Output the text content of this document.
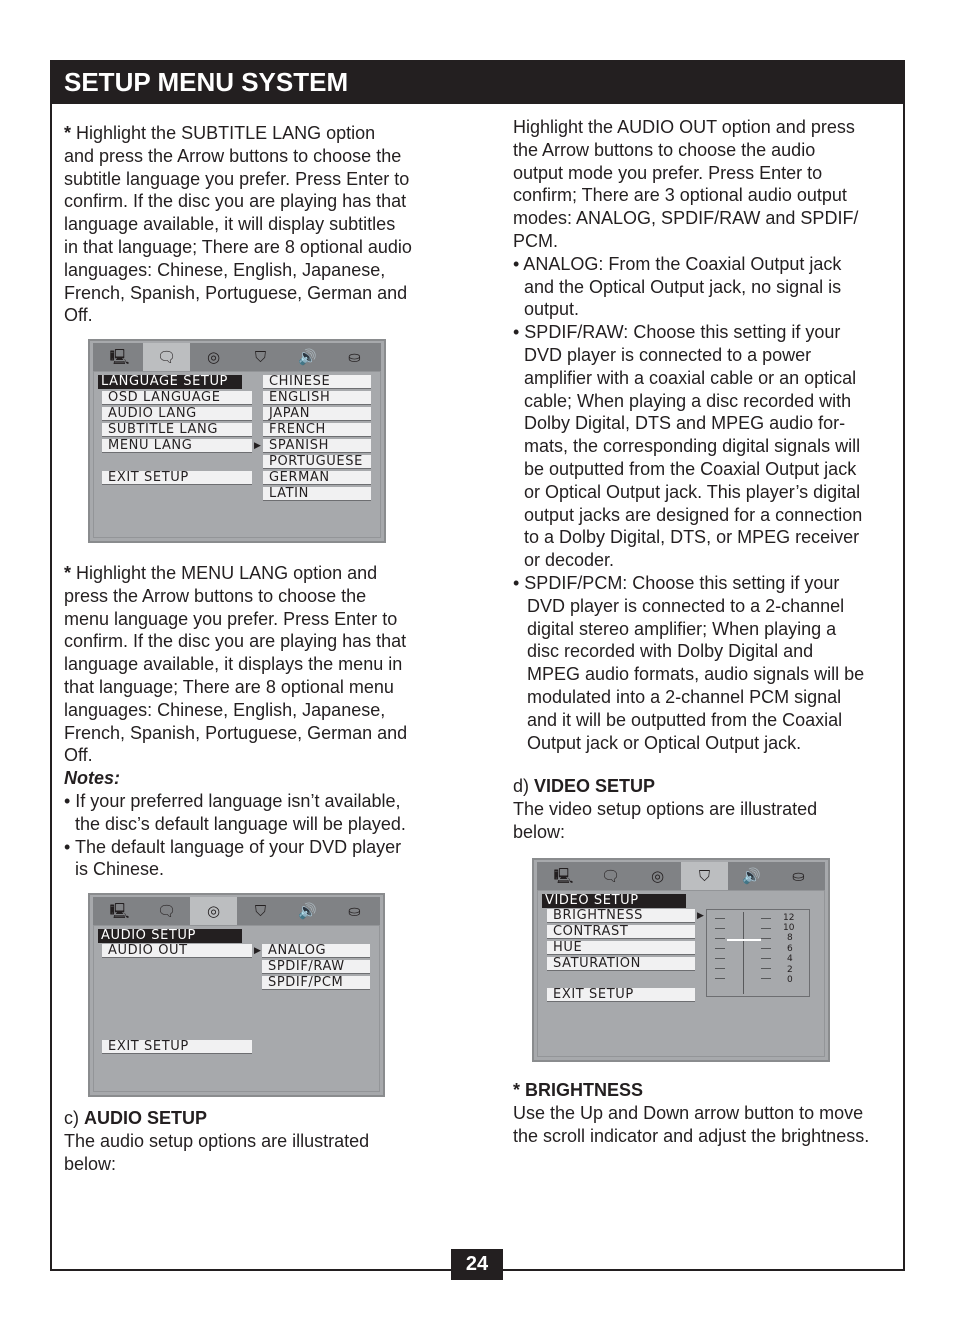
SETUP MENU SYSTEM

* Highlight the SUBTITLE LANG option

and press the Arrow buttons to choose the

subtitle language you prefer. Press Enter to

confirm. If the disc you are playing has that

language available, it will display subtitles

in that language; There are 8 optional audio

languages: Chinese, English, Japanese,

French, Spanish, Portuguese, German and

Off.

🖳	🗨	◎	⛉	🔊	⛀
LANGUAGE SETUP
OSD LANGUAGE
AUDIO LANG
SUBTITLE LANG
MENU LANG	▶
EXIT SETUP
CHINESE
ENGLISH
JAPAN
FRENCH
SPANISH
PORTUGUESE
GERMAN
LATIN

* Highlight the MENU LANG option and

press the Arrow buttons to choose the

menu language you prefer. Press Enter to

confirm. If the disc you are playing has that

language available, it displays the menu in

that language; There are 8 optional menu

languages: Chinese, English, Japanese,

French, Spanish, Portuguese, German and

Off.

Notes:

• If your preferred language isn’t available,

the disc’s default language will be played.

• The default language of your DVD player

is Chinese.

🖳	🗨	◎	⛉	🔊	⛀
AUDIO SETUP
AUDIO OUT	▶
EXIT SETUP
ANALOG
SPDIF/RAW
SPDIF/PCM

c) AUDIO SETUP

The audio setup options are illustrated

below:

Highlight the AUDIO OUT option and press

the Arrow buttons to choose the audio

output mode you prefer. Press Enter to

confirm; There are 3 optional audio output

modes: ANALOG, SPDIF/RAW and SPDIF/

PCM.

• ANALOG: From the Coaxial Output jack

and the Optical Output jack, no signal is

output.

• SPDIF/RAW: Choose this setting if your

DVD player is connected to a power

amplifier with a coaxial cable or an optical

cable; When playing a disc recorded with

Dolby Digital, DTS and MPEG audio for-

mats, the corresponding digital signals will

be outputted from the Coaxial Output jack

or Optical Output jack. This player’s digital

output jacks are designed for a connection

to a Dolby Digital, DTS, or MPEG receiver

or decoder.

• SPDIF/PCM: Choose this setting if your

DVD player is connected to a 2-channel

digital stereo amplifier; When playing a

disc recorded with Dolby Digital and

MPEG audio formats, audio signals will be

modulated into a 2-channel PCM signal

and it will be outputted from the Coaxial

Output jack or Optical Output jack.

d) VIDEO SETUP

The video setup options are illustrated

below:

🖳	🗨	◎	⛉	🔊	⛀
VIDEO SETUP
BRIGHTNESS	▶
CONTRAST
HUE
SATURATION
EXIT SETUP
12
10
8
6
4
2
0

* BRIGHTNESS

Use the Up and Down arrow button to move

the scroll indicator and adjust the brightness.

24
